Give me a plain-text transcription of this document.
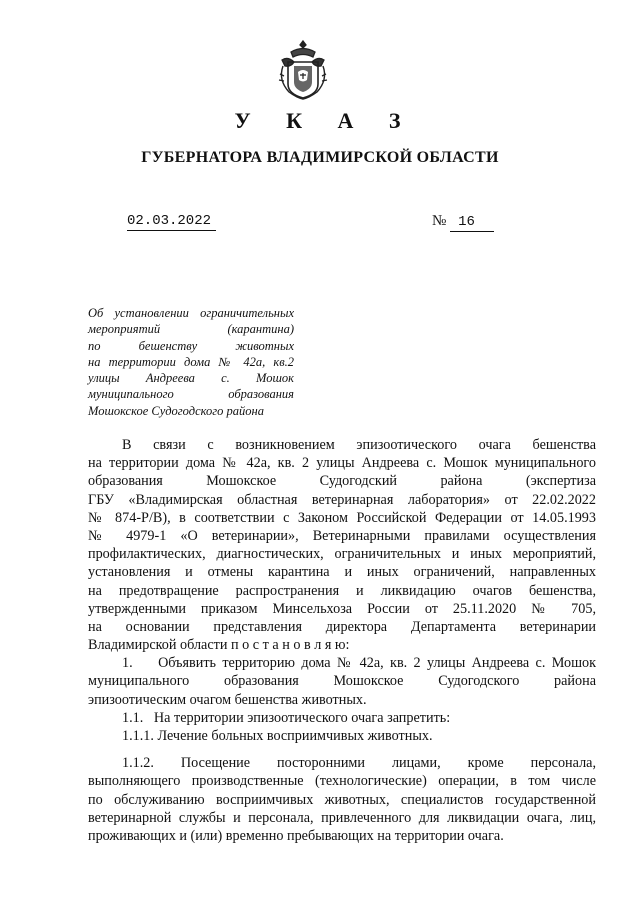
У К А З
ГУБЕРНАТОРА ВЛАДИМИРСКОЙ ОБЛАСТИ
02.03.2022	№ 16
Об установлении ограничительных
мероприятий (карантина)
по бешенству животных
на территории дома № 42а, кв.2
улицы Андреева с. Мошок
муниципального образования
Мошокское Судогодского района
В связи с возникновением эпизоотического очага бешенства
на территории дома № 42а, кв. 2 улицы Андреева с. Мошок муниципального
образования Мошокское Судогодский района (экспертиза
ГБУ «Владимирская областная ветеринарная лаборатория» от 22.02.2022
№ 874-Р/В), в соответствии с Законом Российской Федерации от 14.05.1993
№ 4979-1 «О ветеринарии», Ветеринарными правилами осуществления
профилактических, диагностических, ограничительных и иных мероприятий,
установления и отмены карантина и иных ограничений, направленных
на предотвращение распространения и ликвидацию очагов бешенства,
утвержденными приказом Минсельхоза России от 25.11.2020 № 705,
на основании представления директора Департамента ветеринарии
Владимирской области п о с т а н о в л я ю:
1.    Объявить территорию дома № 42а, кв. 2 улицы Андреева с. Мошок
муниципального образования Мошокское Судогодского района
эпизоотическим очагом бешенства животных.
1.1.   На территории эпизоотического очага запретить:
1.1.1. Лечение больных восприимчивых животных.
1.1.2. Посещение посторонними лицами, кроме персонала,
выполняющего производственные (технологические) операции, в том числе
по обслуживанию восприимчивых животных, специалистов государственной
ветеринарной службы и персонала, привлеченного для ликвидации очага, лиц,
проживающих и (или) временно пребывающих на территории очага.
